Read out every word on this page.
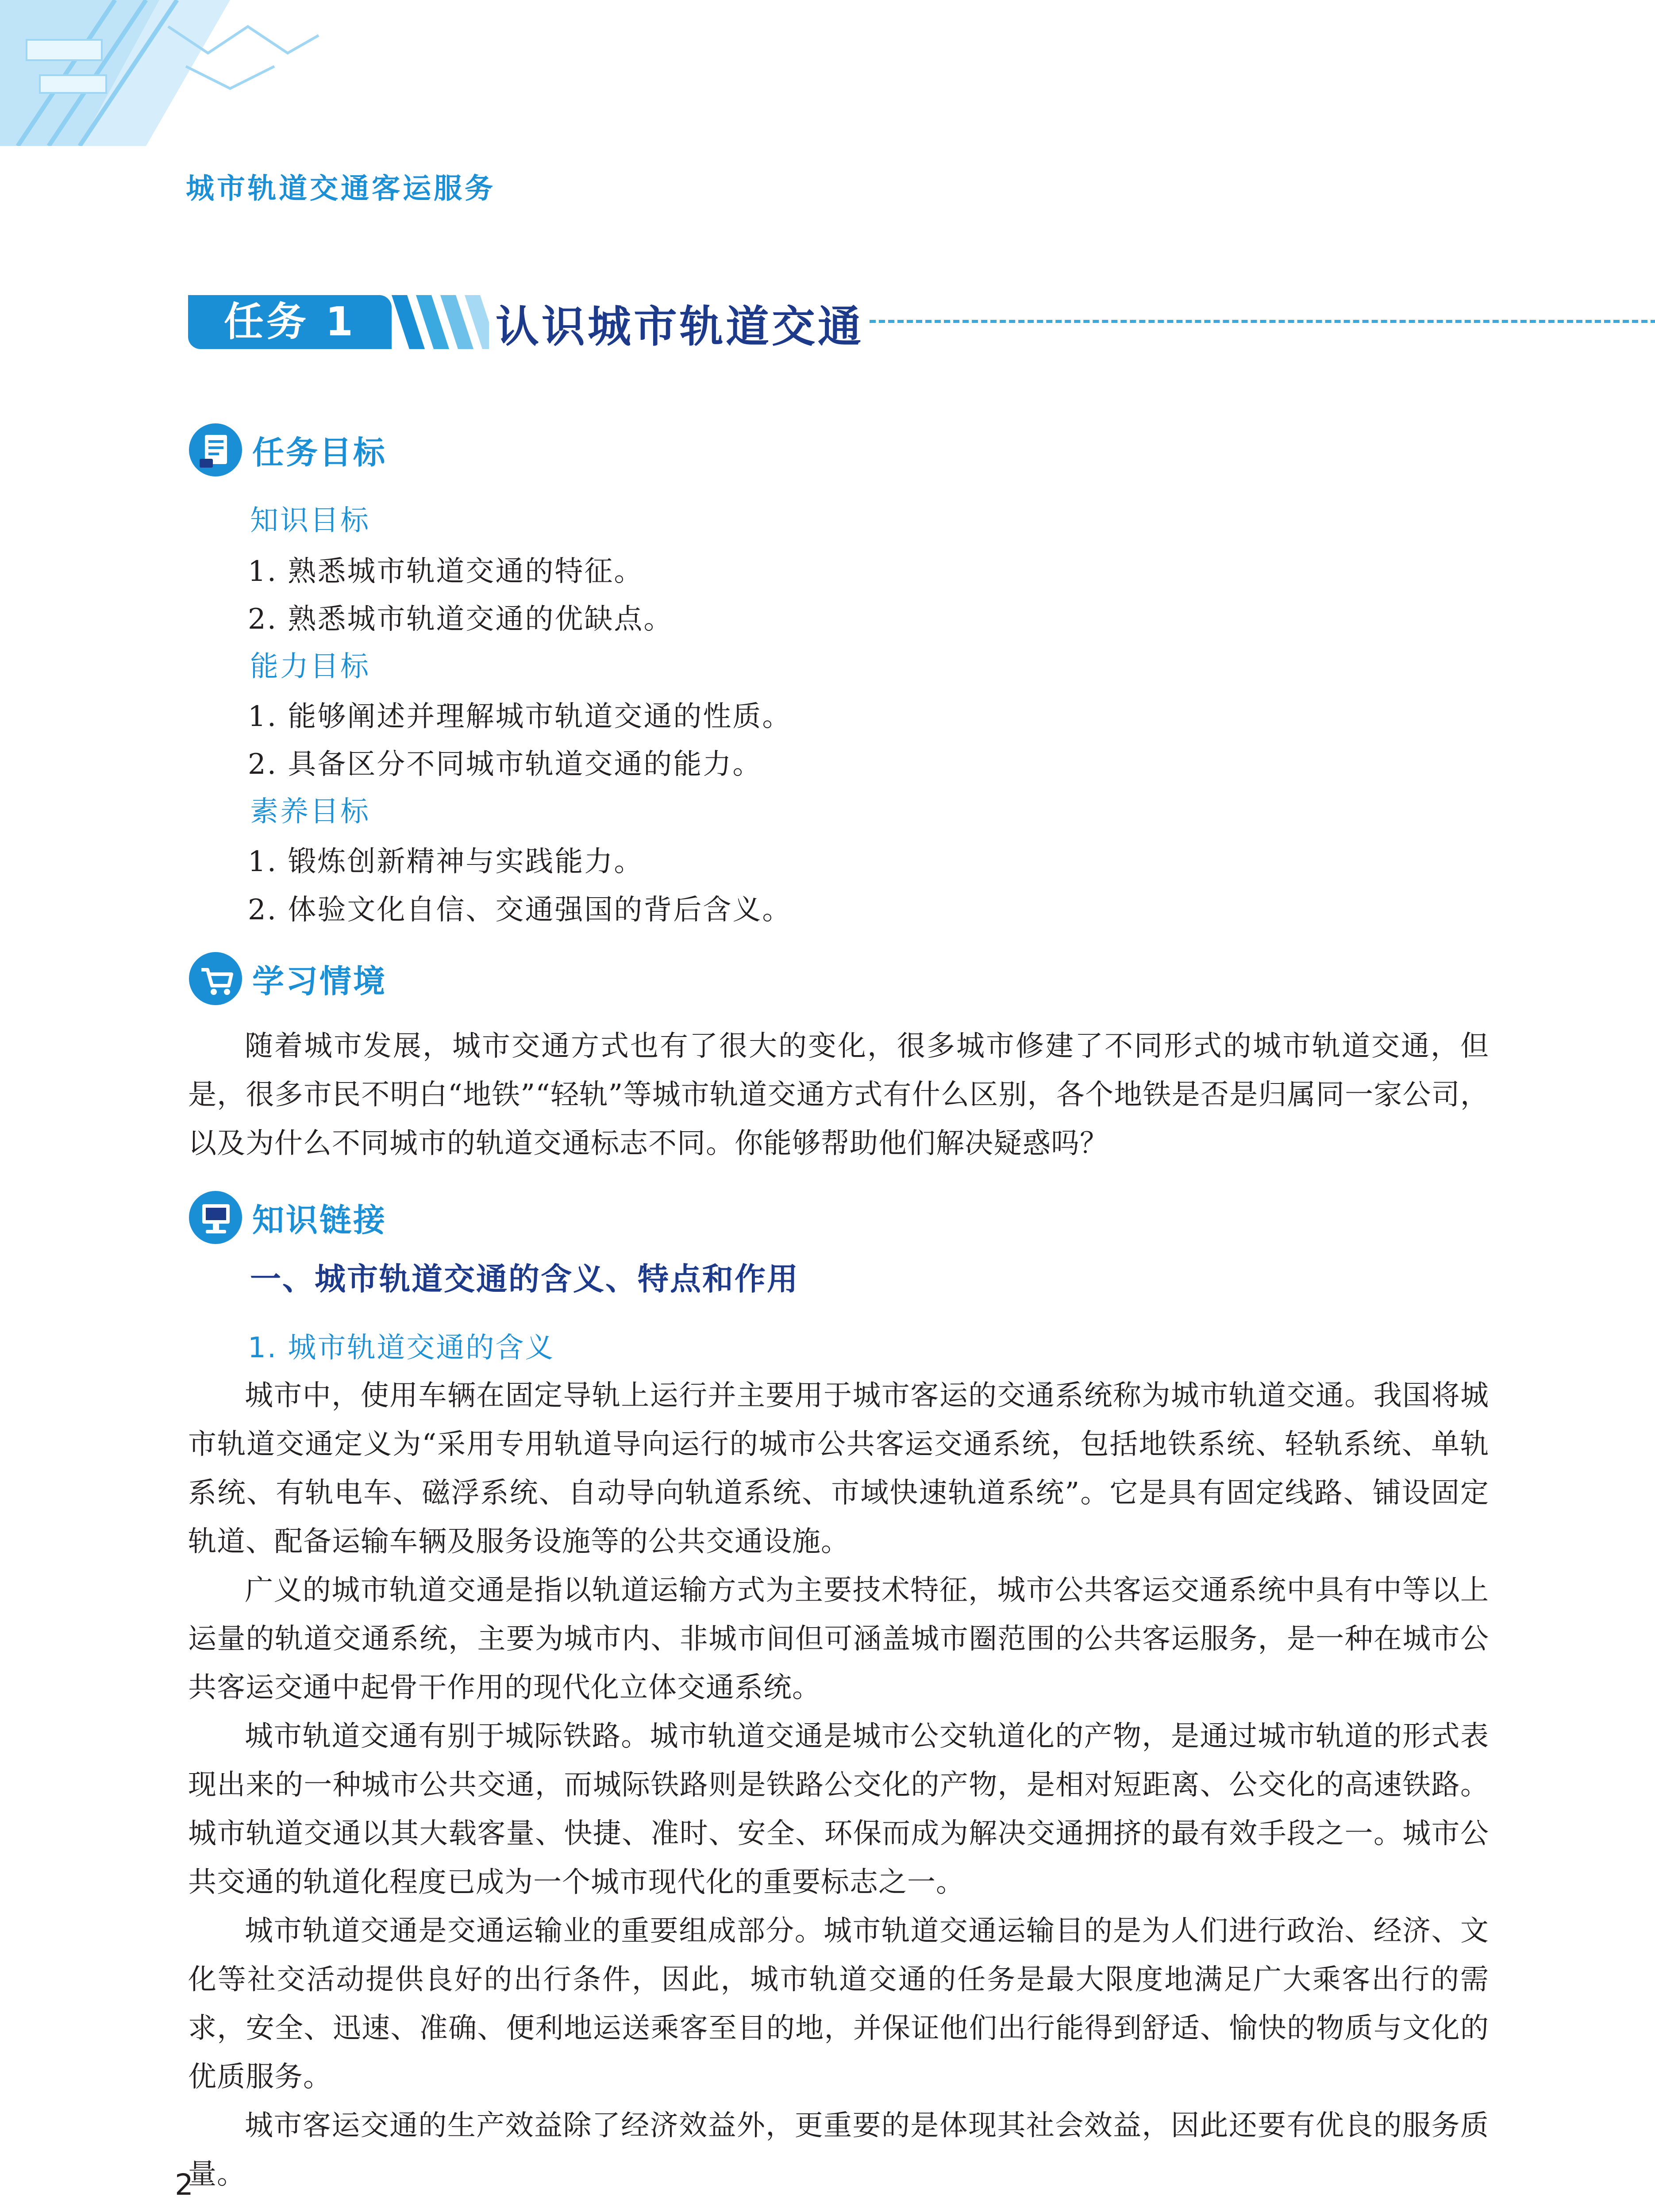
城市轨道交通客运服务
任务 1	认识城市轨道交通
任务目标
知识目标
1. 熟悉城市轨道交通的特征。
2. 熟悉城市轨道交通的优缺点。
能力目标
1. 能够阐述并理解城市轨道交通的性质。
2. 具备区分不同城市轨道交通的能力。
素养目标
1. 锻炼创新精神与实践能力。
2. 体验文化自信、交通强国的背后含义。
学习情境

随着城市发展，城市交通方式也有了很大的变化，很多城市修建了不同形式的城市轨道交通，但是，很多市民不明白“地铁”“轻轨”等城市轨道交通方式有什么区别，各个地铁是否是归属同一家公司，以及为什么不同城市的轨道交通标志不同。你能够帮助他们解决疑惑吗？

知识链接
一、城市轨道交通的含义、特点和作用
1. 城市轨道交通的含义

城市中，使用车辆在固定导轨上运行并主要用于城市客运的交通系统称为城市轨道交通。我国将城市轨道交通定义为“采用专用轨道导向运行的城市公共客运交通系统，包括地铁系统、轻轨系统、单轨系统、有轨电车、磁浮系统、自动导向轨道系统、市域快速轨道系统”。它是具有固定线路、铺设固定轨道、配备运输车辆及服务设施等的公共交通设施。

广义的城市轨道交通是指以轨道运输方式为主要技术特征，城市公共客运交通系统中具有中等以上运量的轨道交通系统，主要为城市内、非城市间但可涵盖城市圈范围的公共客运服务，是一种在城市公共客运交通中起骨干作用的现代化立体交通系统。

城市轨道交通有别于城际铁路。城市轨道交通是城市公交轨道化的产物，是通过城市轨道的形式表现出来的一种城市公共交通，而城际铁路则是铁路公交化的产物，是相对短距离、公交化的高速铁路。城市轨道交通以其大载客量、快捷、准时、安全、环保而成为解决交通拥挤的最有效手段之一。城市公共交通的轨道化程度已成为一个城市现代化的重要标志之一。

城市轨道交通是交通运输业的重要组成部分。城市轨道交通运输目的是为人们进行政治、经济、文化等社交活动提供良好的出行条件，因此，城市轨道交通的任务是最大限度地满足广大乘客出行的需求，安全、迅速、准确、便利地运送乘客至目的地，并保证他们出行能得到舒适、愉快的物质与文化的优质服务。

城市客运交通的生产效益除了经济效益外，更重要的是体现其社会效益，因此还要有优良的服务质量。

2
